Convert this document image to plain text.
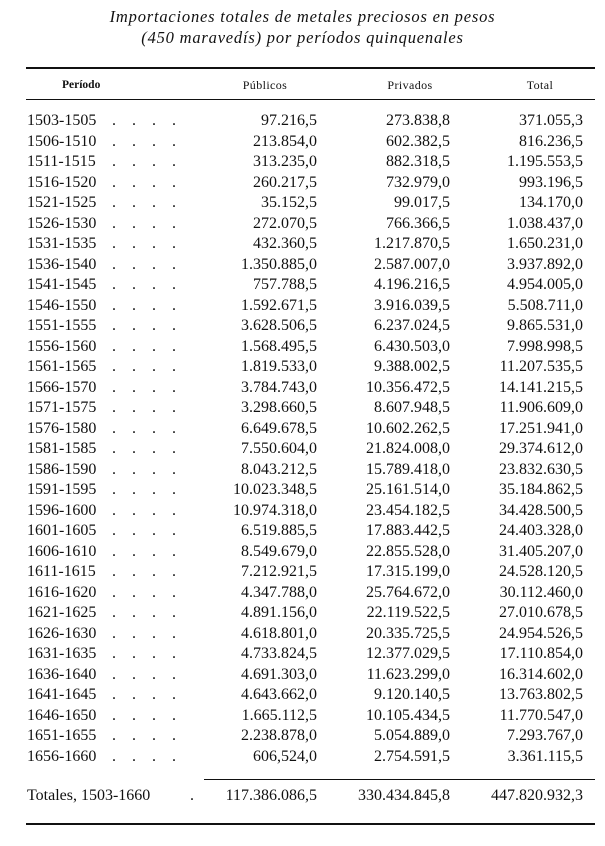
Importaciones totales de metales preciosos en pesos
(450 maravedís) por períodos quinquenales
Período	Públicos	Privados	Total
1503-1505 . . . .	97.216,5	273.838,8	371.055,3
1506-1510 . . . .	213.854,0	602.382,5	816.236,5
1511-1515 . . . .	313.235,0	882.318,5	1.195.553,5
1516-1520 . . . .	260.217,5	732.979,0	993.196,5
1521-1525 . . . .	35.152,5	99.017,5	134.170,0
1526-1530 . . . .	272.070,5	766.366,5	1.038.437,0
1531-1535 . . . .	432.360,5	1.217.870,5	1.650.231,0
1536-1540 . . . .	1.350.885,0	2.587.007,0	3.937.892,0
1541-1545 . . . .	757.788,5	4.196.216,5	4.954.005,0
1546-1550 . . . .	1.592.671,5	3.916.039,5	5.508.711,0
1551-1555 . . . .	3.628.506,5	6.237.024,5	9.865.531,0
1556-1560 . . . .	1.568.495,5	6.430.503,0	7.998.998,5
1561-1565 . . . .	1.819.533,0	9.388.002,5	11.207.535,5
1566-1570 . . . .	3.784.743,0	10.356.472,5	14.141.215,5
1571-1575 . . . .	3.298.660,5	8.607.948,5	11.906.609,0
1576-1580 . . . .	6.649.678,5	10.602.262,5	17.251.941,0
1581-1585 . . . .	7.550.604,0	21.824.008,0	29.374.612,0
1586-1590 . . . .	8.043.212,5	15.789.418,0	23.832.630,5
1591-1595 . . . .	10.023.348,5	25.161.514,0	35.184.862,5
1596-1600 . . . .	10.974.318,0	23.454.182,5	34.428.500,5
1601-1605 . . . .	6.519.885,5	17.883.442,5	24.403.328,0
1606-1610 . . . .	8.549.679,0	22.855.528,0	31.405.207,0
1611-1615 . . . .	7.212.921,5	17.315.199,0	24.528.120,5
1616-1620 . . . .	4.347.788,0	25.764.672,0	30.112.460,0
1621-1625 . . . .	4.891.156,0	22.119.522,5	27.010.678,5
1626-1630 . . . .	4.618.801,0	20.335.725,5	24.954.526,5
1631-1635 . . . .	4.733.824,5	12.377.029,5	17.110.854,0
1636-1640 . . . .	4.691.303,0	11.623.299,0	16.314.602,0
1641-1645 . . . .	4.643.662,0	9.120.140,5	13.763.802,5
1646-1650 . . . .	1.665.112,5	10.105.434,5	11.770.547,0
1651-1655 . . . .	2.238.878,0	5.054.889,0	7.293.767,0
1656-1660 . . . .	606,524,0	2.754.591,5	3.361.115,5
Totales, 1503-1660 . 117.386.086,5	330.434.845,8	447.820.932,3
